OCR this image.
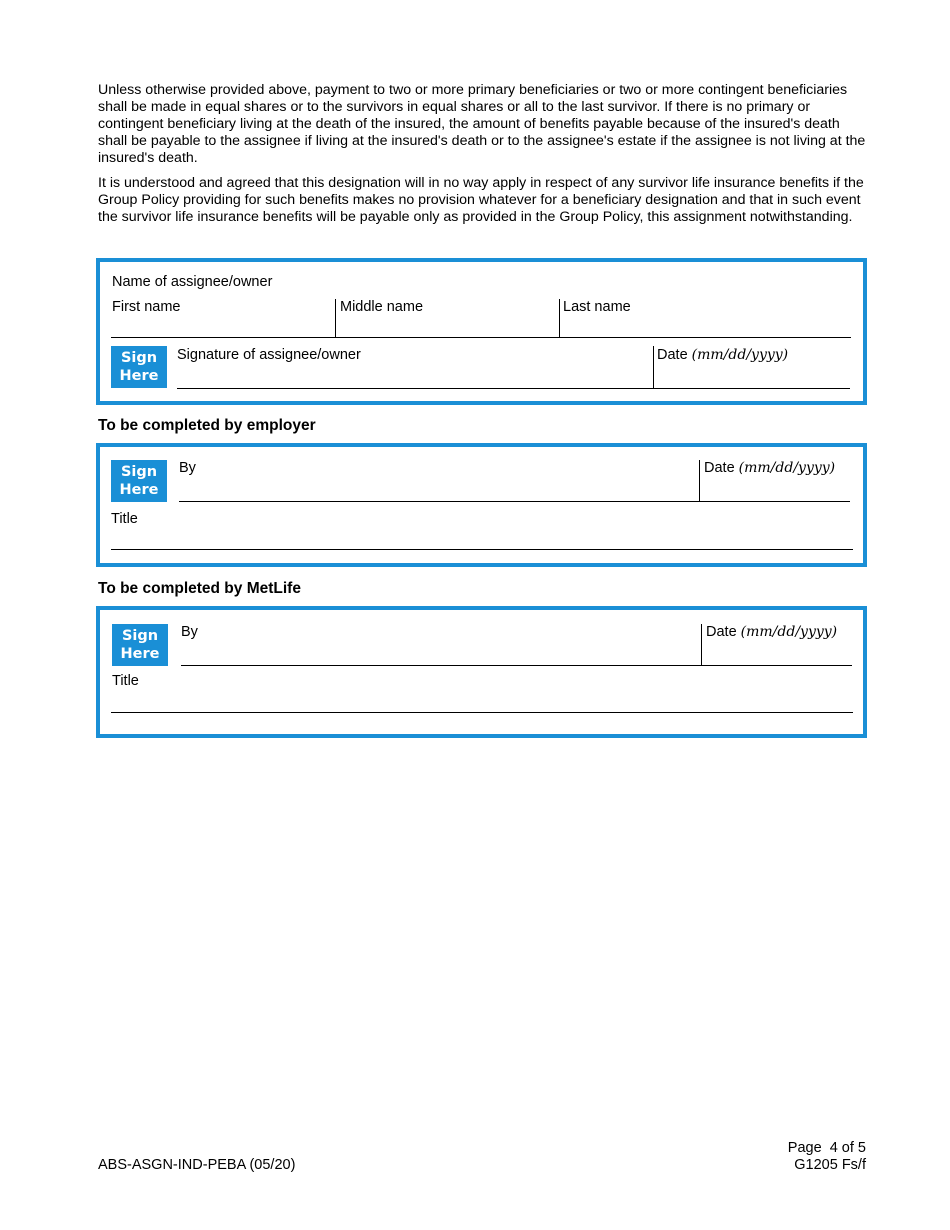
Unless otherwise provided above, payment to two or more primary beneficiaries or two or more contingent beneficiaries shall be made in equal shares or to the survivors in equal shares or all to the last survivor. If there is no primary or contingent beneficiary living at the death of the insured, the amount of benefits payable because of the insured's death shall be payable to the assignee if living at the insured's death or to the assignee's estate if the assignee is not living at the insured's death.

It is understood and agreed that this designation will in no way apply in respect of any survivor life insurance benefits if the Group Policy providing for such benefits makes no provision whatever for a beneficiary designation and that in such event the survivor life insurance benefits will be payable only as provided in the Group Policy, this assignment notwithstanding.

Name of assignee/owner
First name	Middle name	Last name
Sign
Here
Signature of assignee/owner	Date (mm/dd/yyyy)
To be completed by employer
Sign
Here
By	Date (mm/dd/yyyy)
Title
To be completed by MetLife
Sign
Here
By	Date (mm/dd/yyyy)
Title
ABS-ASGN-IND-PEBA (05/20)
Page  4 of 5
G1205 Fs/f
